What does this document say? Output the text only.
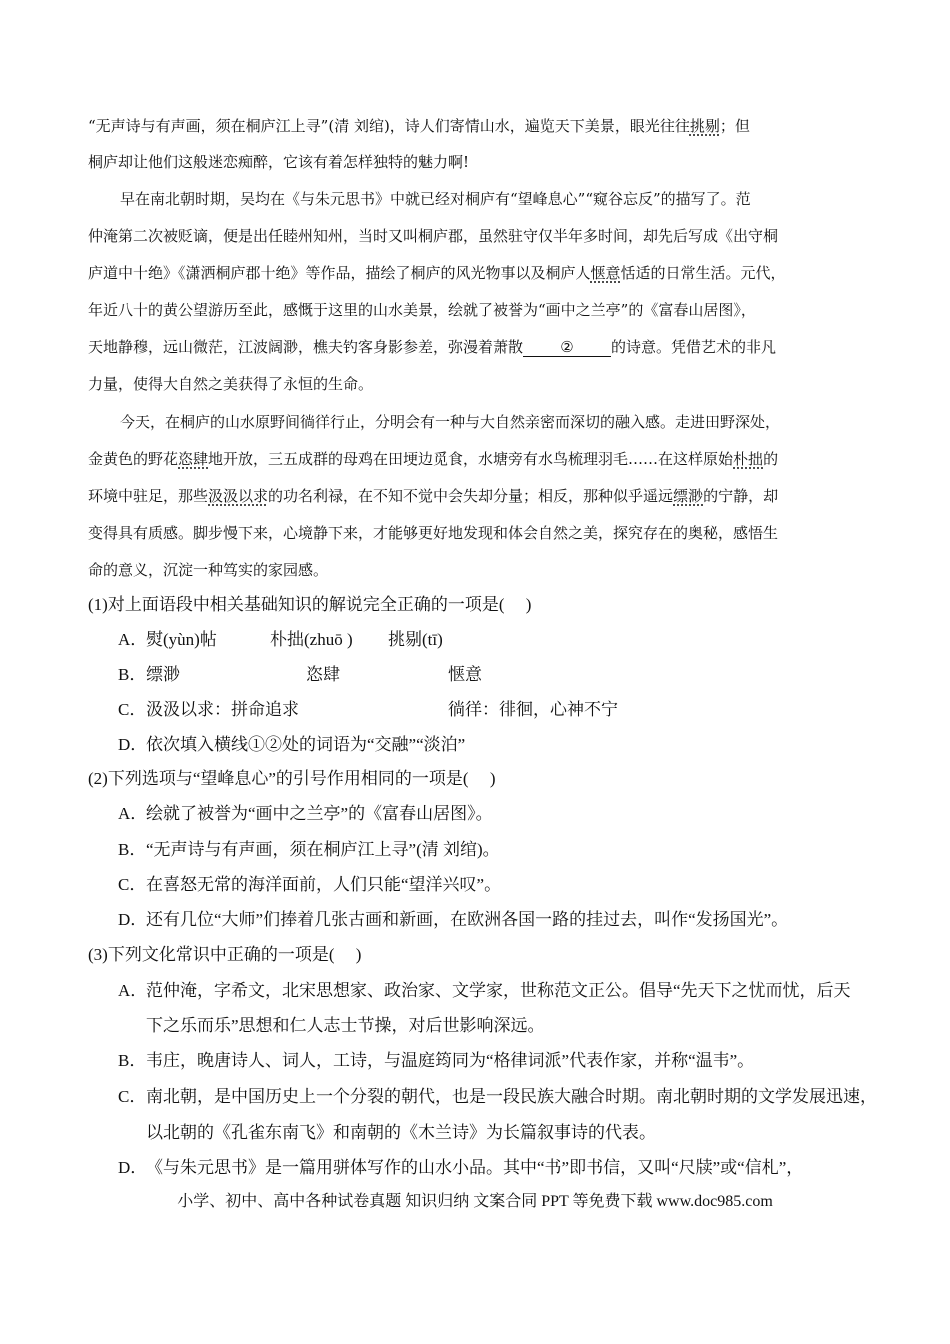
“无声诗与有声画，须在桐庐江上寻”(清 刘绾)，诗人们寄情山水，遍览天下美景，眼光往往挑剔；但

桐庐却让他们这般迷恋痴醉，它该有着怎样独特的魅力啊!

早在南北朝时期，吴均在《与朱元思书》中就已经对桐庐有“望峰息心”“窥谷忘反”的描写了。范

仲淹第二次被贬谪，便是出任睦州知州，当时又叫桐庐郡，虽然驻守仅半年多时间，却先后写成《出守桐

庐道中十绝》《潇洒桐庐郡十绝》等作品，描绘了桐庐的风光物事以及桐庐人惬意恬适的日常生活。元代，

年近八十的黄公望游历至此，感慨于这里的山水美景，绘就了被誉为“画中之兰亭”的《富春山居图》，

天地静穆，远山微茫，江波阔渺，樵夫钓客身影参差，弥漫着萧散 ② 的诗意。凭借艺术的非凡

力量，使得大自然之美获得了永恒的生命。

今天，在桐庐的山水原野间徜徉行止，分明会有一种与大自然亲密而深切的融入感。走进田野深处，

金黄色的野花恣肆地开放，三五成群的母鸡在田埂边觅食，水塘旁有水鸟梳理羽毛……在这样原始朴拙的

环境中驻足，那些汲汲以求的功名利禄，在不知不觉中会失却分量；相反，那种似乎遥远缥渺的宁静，却

变得具有质感。脚步慢下来，心境静下来，才能够更好地发现和体会自然之美，探究存在的奥秘，感悟生

命的意义，沉淀一种笃实的家园感。

(1)对上面语段中相关基础知识的解说完全正确的一项是(　 )
A．熨(yùn)帖	朴拙(zhuō ) 挑剔(tī)
B．缥渺	恣肆	惬意
C．汲汲以求：拼命追求	徜徉：徘徊，心神不宁
D．依次填入横线①②处的词语为“交融”“淡泊”
(2)下列选项与“望峰息心”的引号作用相同的一项是(　 )
A．绘就了被誉为“画中之兰亭”的《富春山居图》。
B．“无声诗与有声画，须在桐庐江上寻”(清 刘绾)。
C．在喜怒无常的海洋面前，人们只能“望洋兴叹”。
D．还有几位“大师”们捧着几张古画和新画，在欧洲各国一路的挂过去，叫作“发扬国光”。
(3)下列文化常识中正确的一项是(　 )
A．范仲淹，字希文，北宋思想家、政治家、文学家，世称范文正公。倡导“先天下之忧而忧，后天
下之乐而乐”思想和仁人志士节操，对后世影响深远。
B．韦庄，晚唐诗人、词人，工诗，与温庭筠同为“格律词派”代表作家，并称“温韦”。
C．南北朝，是中国历史上一个分裂的朝代，也是一段民族大融合时期。南北朝时期的文学发展迅速，
以北朝的《孔雀东南飞》和南朝的《木兰诗》为长篇叙事诗的代表。
D．《与朱元思书》是一篇用骈体写作的山水小品。其中“书”即书信，又叫“尺牍”或“信札”，
小学、初中、高中各种试卷真题 知识归纳 文案合同 PPT 等免费下载 www.doc985.com
